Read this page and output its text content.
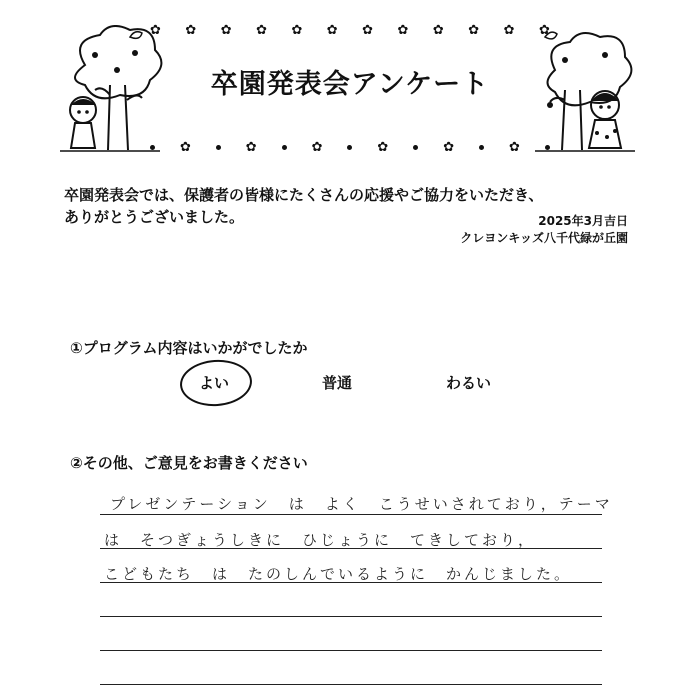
✿ ✿ ✿ ✿ ✿ ✿ ✿ ✿ ✿ ✿ ✿ ✿
✿	✿	✿	✿	✿	✿
卒園発表会アンケート
卒園発表会では、保護者の皆様にたくさんの応援やご協力をいただき、
ありがとうございました。	2025年3月吉日
クレヨンキッズ八千代緑が丘園
①プログラム内容はいかがでしたか
よい	普通	わるい
②その他、ご意見をお書きください
プレゼンテーション　は　よく　こうせいされており，テーマ
は　そつぎょうしきに　ひじょうに　てきしており，
こどもたち　は　たのしんでいるように　かんじました。
